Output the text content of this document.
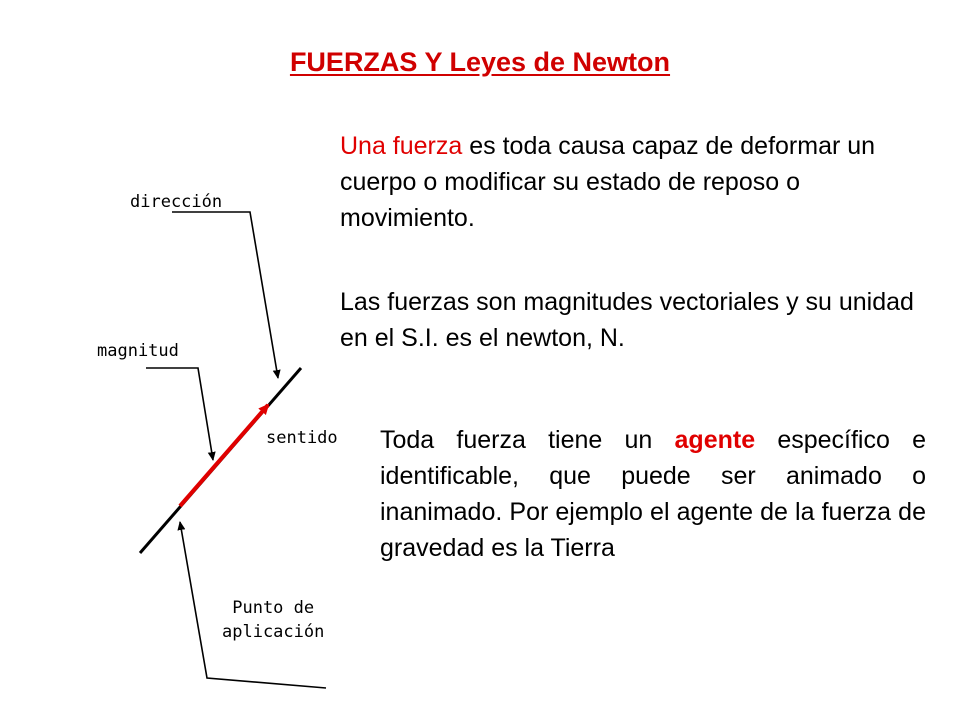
FUERZAS Y Leyes de Newton
Una fuerza es toda causa capaz de deformar un cuerpo o modificar su estado de reposo o movimiento.
Las fuerzas son magnitudes vectoriales y su unidad en el S.I. es el newton, N.
Toda fuerza tiene un agente específico e identificable, que puede ser animado o inanimado. Por ejemplo el agente de la fuerza de gravedad es la Tierra
dirección
magnitud
sentido
Punto de
aplicación
